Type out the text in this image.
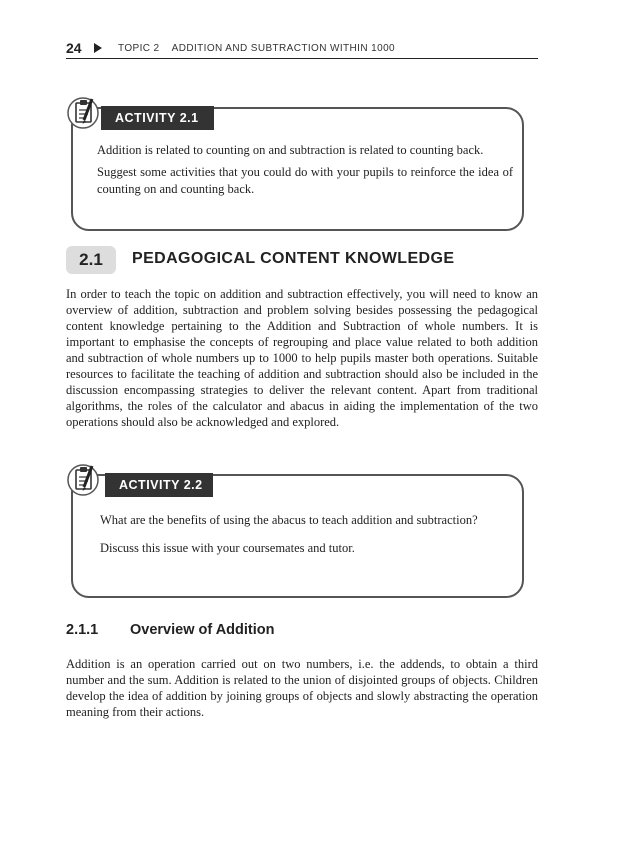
24	TOPIC 2    ADDITION AND SUBTRACTION WITHIN 1000
ACTIVITY 2.1

Addition is related to counting on and subtraction is related to counting back.

Suggest some activities that you could do with your pupils to reinforce the idea of counting on and counting back.

2.1	PEDAGOGICAL CONTENT KNOWLEDGE

In order to teach the topic on addition and subtraction effectively, you will need to know an overview of addition, subtraction and problem solving besides possessing the pedagogical content knowledge pertaining to the Addition and Subtraction of whole numbers. It is important to emphasise the concepts of regrouping and place value related to both addition and subtraction of whole numbers up to 1000 to help pupils master both operations. Suitable resources to facilitate the teaching of addition and subtraction should also be included in the discussion encompassing strategies to deliver the relevant content. Apart from traditional algorithms, the roles of the calculator and abacus in aiding the implementation of the two operations should also be acknowledged and explored.

ACTIVITY 2.2

What are the benefits of using the abacus to teach addition and subtraction?

Discuss this issue with your coursemates and tutor.

2.1.1 Overview of Addition

Addition is an operation carried out on two numbers, i.e. the addends, to obtain a third number and the sum. Addition is related to the union of disjointed groups of objects. Children develop the idea of addition by joining groups of objects and slowly abstracting the operation meaning from their actions.
